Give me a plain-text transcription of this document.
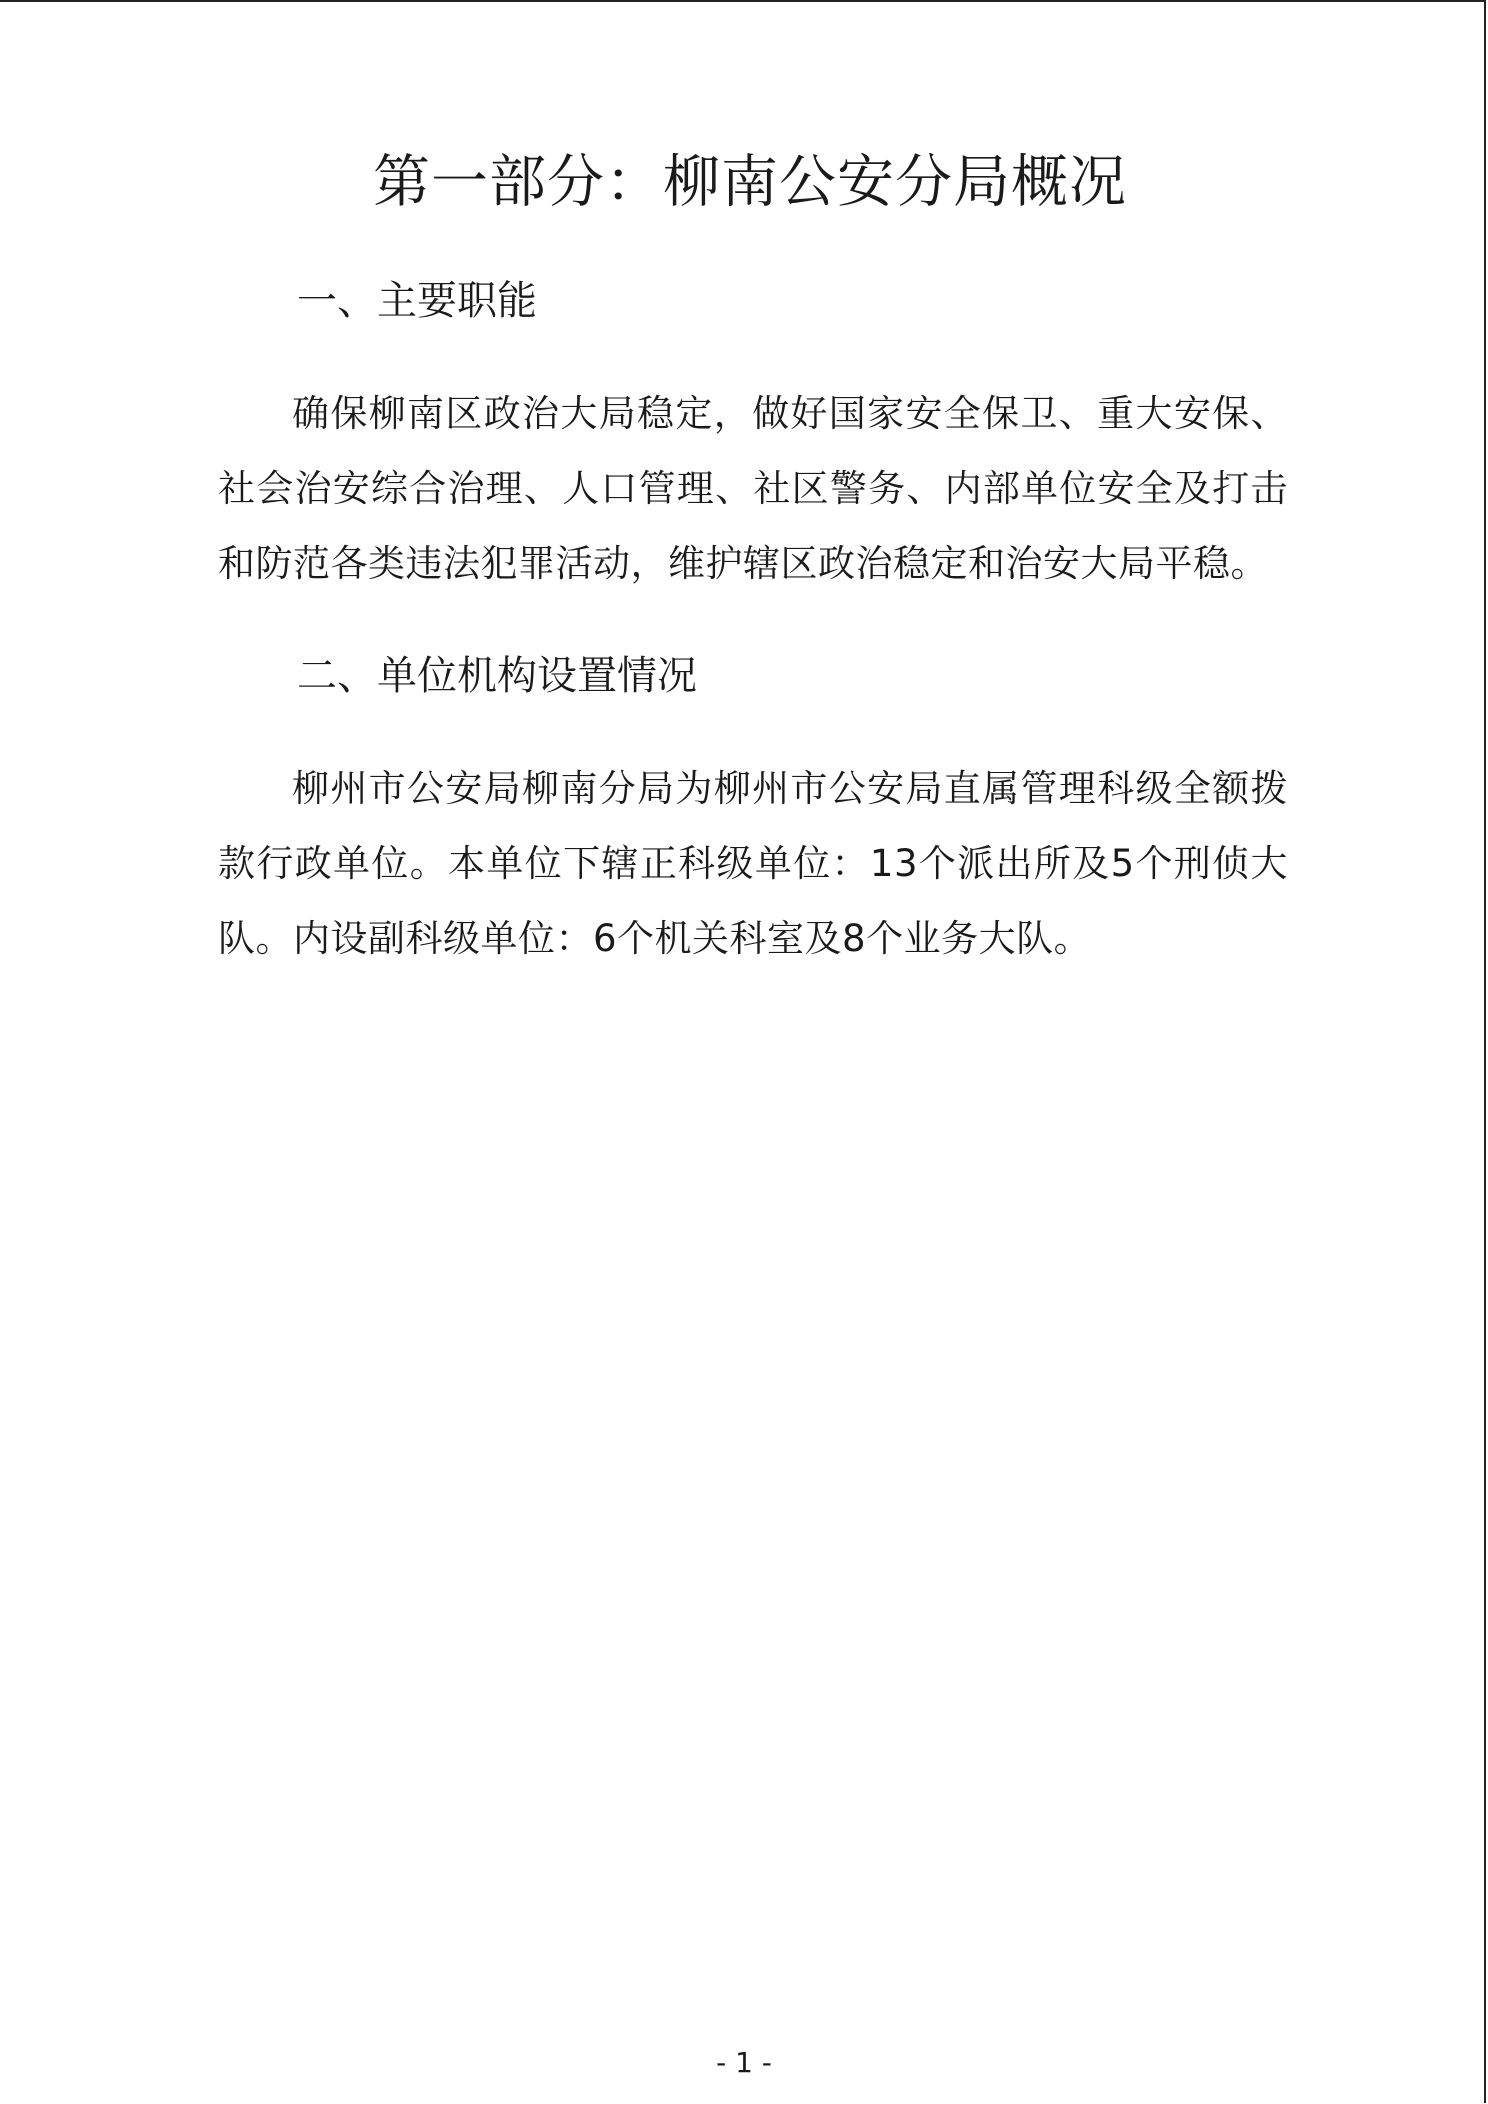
第一部分：柳南公安分局概况
一、主要职能

确保柳南区政治大局稳定，做好国家安全保卫、重大安保、社会治安综合治理、人口管理、社区警务、内部单位安全及打击和防范各类违法犯罪活动，维护辖区政治稳定和治安大局平稳。

二、单位机构设置情况

柳州市公安局柳南分局为柳州市公安局直属管理科级全额拨款行政单位。本单位下辖正科级单位：13个派出所及5个刑侦大队。内设副科级单位：6个机关科室及8个业务大队。

- 1 -
